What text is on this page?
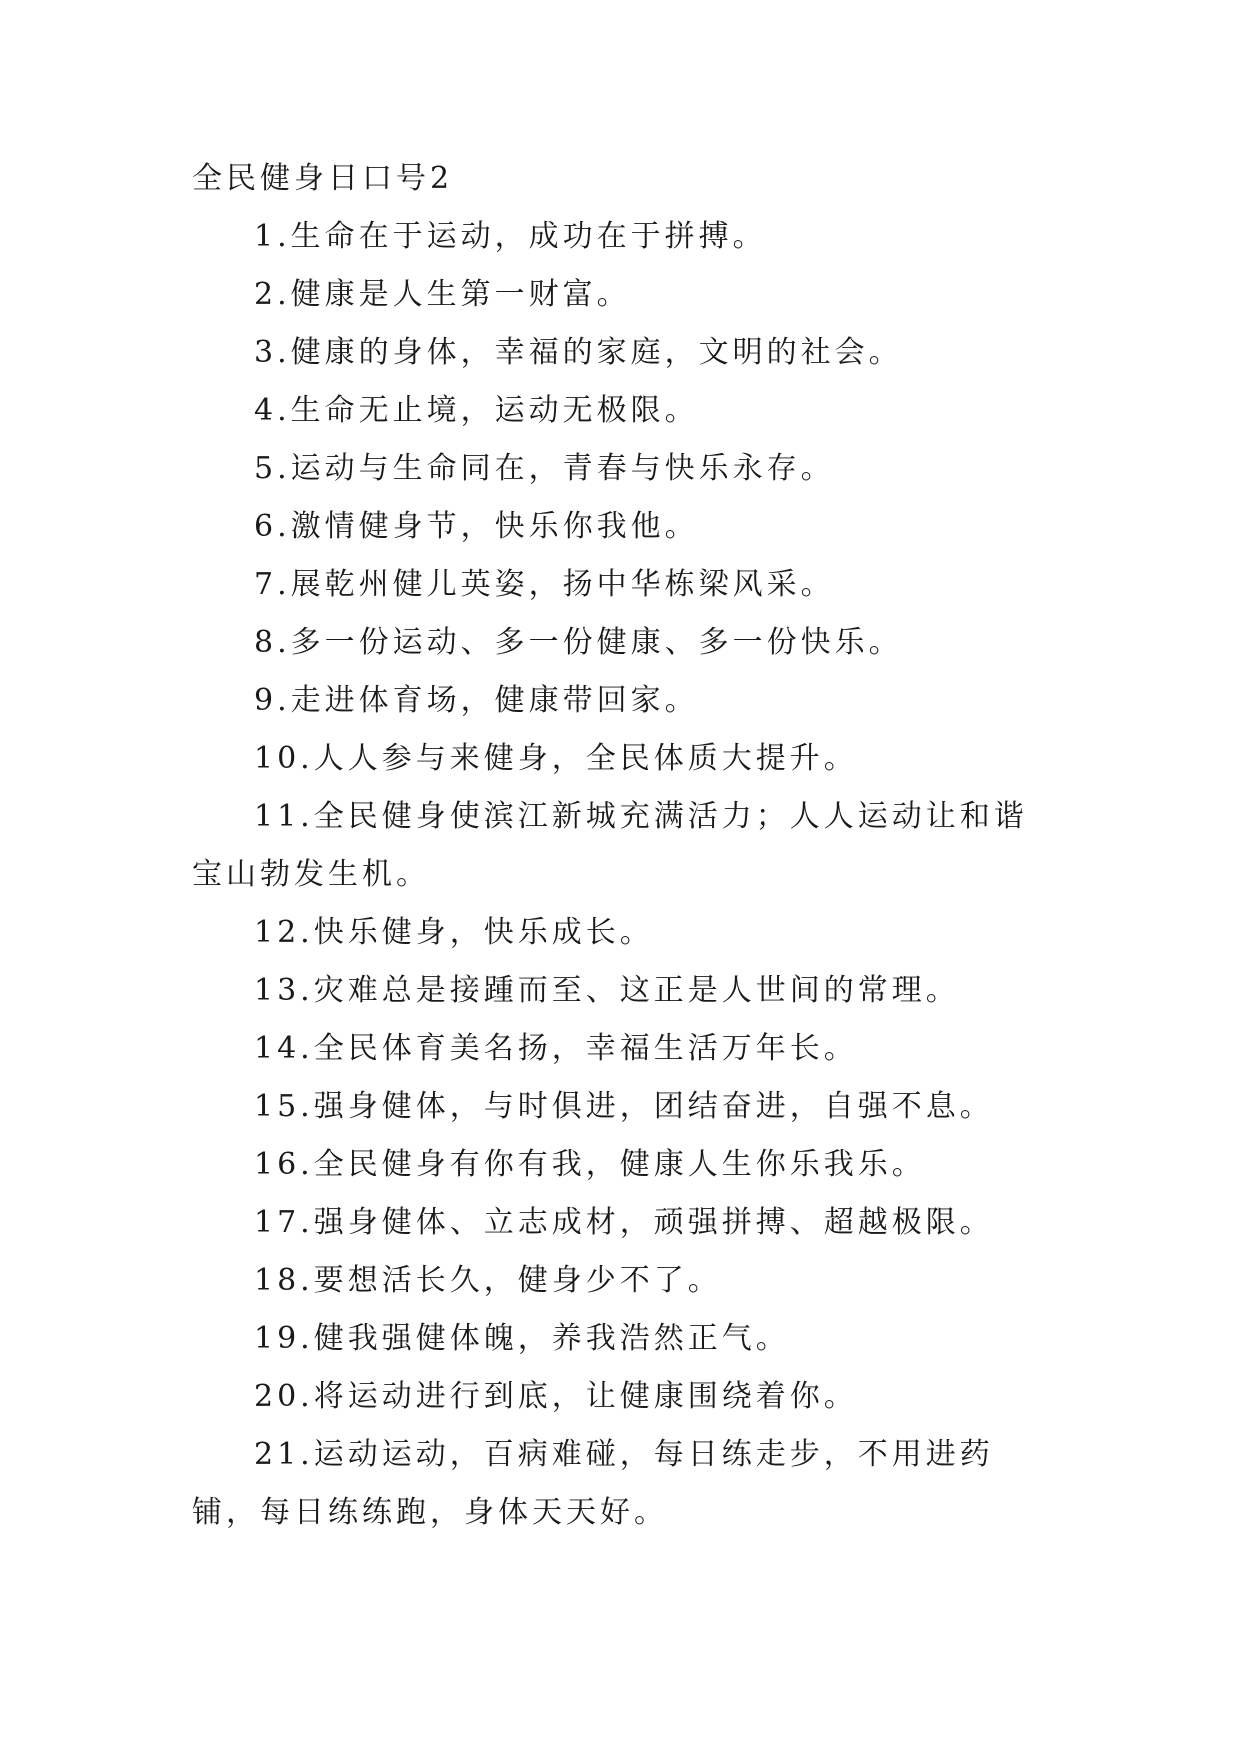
全民健身日口号2

1.生命在于运动，成功在于拼搏。

2.健康是人生第一财富。

3.健康的身体，幸福的家庭，文明的社会。

4.生命无止境，运动无极限。

5.运动与生命同在，青春与快乐永存。

6.激情健身节，快乐你我他。

7.展乾州健儿英姿，扬中华栋梁风采。

8.多一份运动、多一份健康、多一份快乐。

9.走进体育场，健康带回家。

10.人人参与来健身，全民体质大提升。

11.全民健身使滨江新城充满活力；人人运动让和谐宝山勃发生机。

12.快乐健身，快乐成长。

13.灾难总是接踵而至、这正是人世间的常理。

14.全民体育美名扬，幸福生活万年长。

15.强身健体，与时俱进，团结奋进，自强不息。

16.全民健身有你有我，健康人生你乐我乐。

17.强身健体、立志成材，顽强拼搏、超越极限。

18.要想活长久，健身少不了。

19.健我强健体魄，养我浩然正气。

20.将运动进行到底，让健康围绕着你。

21.运动运动，百病难碰，每日练走步，不用进药铺，每日练练跑，身体天天好。
